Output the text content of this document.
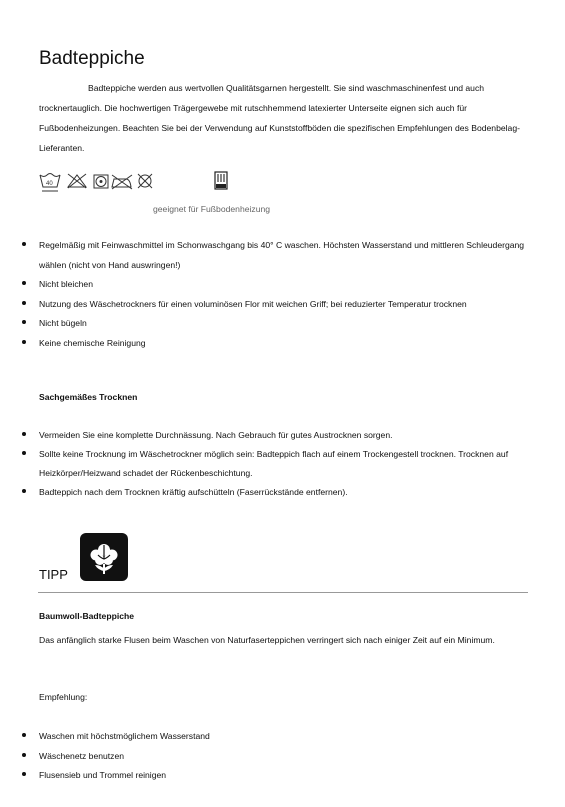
Badteppiche

Badteppiche werden aus wertvollen Qualitätsgarnen hergestellt. Sie sind waschmaschinenfest und auch trocknertauglich. Die hochwertigen Trägergewebe mit rutschhemmend latexierter Unterseite eignen sich auch für Fußbodenheizungen. Beachten Sie bei der Verwendung auf Kunststoffböden die spezifischen Empfehlungen des Bodenbelag-Lieferanten.

40
geeignet für Fußbodenheizung
Regelmäßig mit Feinwaschmittel im Schonwaschgang bis 40° C waschen. Höchsten Wasserstand und mittleren Schleudergang wählen (nicht von Hand auswringen!)
Nicht bleichen
Nutzung des Wäschetrockners für einen voluminösen Flor mit weichen Griff; bei reduzierter Temperatur trocknen
Nicht bügeln
Keine chemische Reinigung
Sachgemäßes Trocknen
Vermeiden Sie eine komplette Durchnässung. Nach Gebrauch für gutes Austrocknen sorgen.
Sollte keine Trocknung im Wäschetrockner möglich sein: Badteppich flach auf einem Trockengestell trocknen. Trocknen auf Heizkörper/Heizwand schadet der Rückenbeschichtung.
Badteppich nach dem Trocknen kräftig aufschütteln (Faserrückstände entfernen).
TIPP
Baumwoll-Badteppiche

Das anfänglich starke Flusen beim Waschen von Naturfaserteppichen verringert sich nach einiger Zeit auf ein Minimum.

Empfehlung:
Waschen mit höchstmöglichem Wasserstand
Wäschenetz benutzen
Flusensieb und Trommel reinigen
